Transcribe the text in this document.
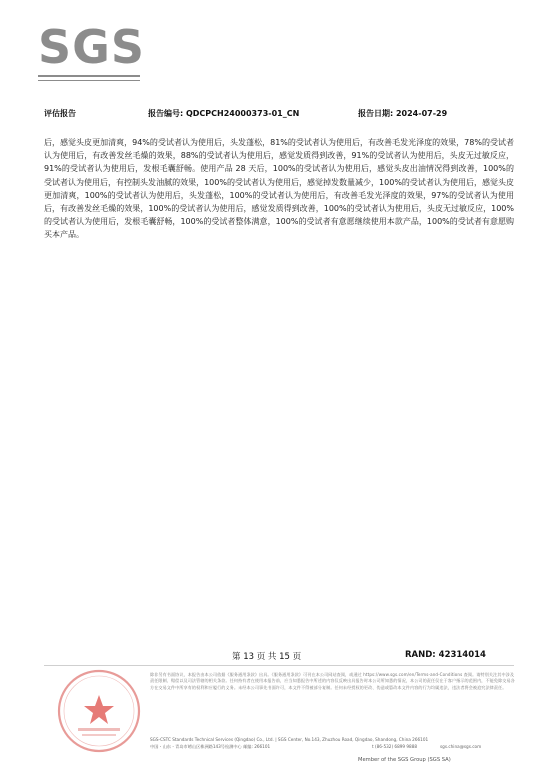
SGS
评估报告	报告编号: QDCPCH24000373-01_CN	报告日期: 2024-07-29
后，感觉头皮更加清爽，94%的受试者认为使用后，头发蓬松，81%的受试者认为使用后，有改善毛发光泽度的效果，78%的受试者认为使用后，有改善发丝毛燥的效果，88%的受试者认为使用后，感觉发质得到改善，91%的受试者认为使用后，头皮无过敏反应，91%的受试者认为使用后，发根毛囊舒畅。使用产品 28 天后，100%的受试者认为使用后，感觉头皮出油情况得到改善，100%的受试者认为使用后，有控制头发油腻的效果，100%的受试者认为使用后，感觉掉发数量减少，100%的受试者认为使用后，感觉头皮更加清爽，100%的受试者认为使用后，头发蓬松，100%的受试者认为使用后，有改善毛发光泽度的效果，97%的受试者认为使用后，有改善发丝毛燥的效果，100%的受试者认为使用后，感觉发质得到改善，100%的受试者认为使用后，头皮无过敏反应，100%的受试者认为使用后，发根毛囊舒畅，100%的受试者整体满意，100%的受试者有意愿继续使用本款产品，100%的受试者有意愿购买本产品。
第 13 页 共 15 页	RAND: 42314014
除非另有书面协议，本报告由本公司依据《服务通用条款》出具。《服务通用条款》可刊在本公司网站查阅，或通过 https://www.sgs.com/en/Terms-and-Conditions 查阅。请特别关注其中涉及责任限制、赔偿以及司法管辖的相关条款。任何持有者在使用本报告前，应当知悉报告中所述的内容仅反映出具报告时本公司所知悉的情况，本公司的责任仅在于客户指示的范围内，不能免除交易各方在交易文件中所享有的权利和应履行的义务。未经本公司事先书面许可，本文件不得被部分复制。任何未经授权的更改、伪造或篡改本文件内容的行为均属违法，违法者将会被追究法律责任。
SGS-CSTC Standards Technical Services (Qingdao) Co., Ltd. | SGS Center, No.143, Zhuzhou Road, Qingdao, Shandong, China 266101
中国・山东・青岛市崂山区株洲路143号检测中心 邮编: 266101	t (86-532) 6899 9888	sgs.china@sgs.com
Member of the SGS Group (SGS SA)
